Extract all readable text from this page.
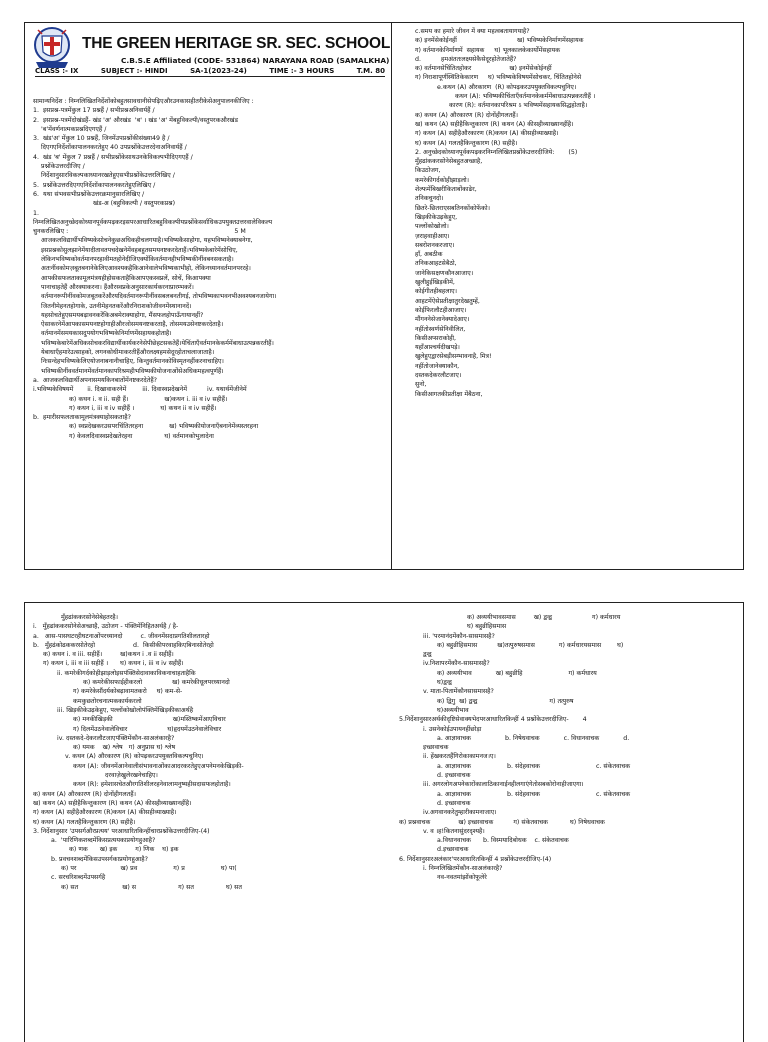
THE GREEN HERITAGE SR. SEC. SCHOOL
C.B.S.E Affiliated (CODE- 531864) NARAYANA ROAD (SAMALKHA)
CLASS :- IX	SUBJECT :- HINDI	SA-1(2023-24)	TIME :- 3 HOURS	T.M. 80
सामान्यनिर्देश : निम्नलिखितनिर्देशोंकोबहुतसावधानीसेपढ़िएऔरउनकासहीतरीकेसेअनुपालनकीजिए :
1.  इसप्रश्न-पत्रमेंकुल 17 प्रश्नहैं / सभीप्रश्नअनिवार्यहैं /
2.  इसप्रश्न-पत्रमेंदोखंडहैं- खंड 'अ' औरखंड  'ब' । खंड 'अ' मेंबहुविकल्पी/वस्तुपरकऔरखंड
'ब'मेंवर्णनात्मकप्रश्नदिएगएहैं /
3.  खंड'अ' मेंकुल 10 प्रश्नहैं, जिनमेंउपप्रश्नोंकीसंख्या49 है /
दिएगएनिर्देशोंकापालनकरतेहुए 40 उपप्रश्नोंकेउत्तरदेनाअनिवार्यहैं /
4.  खंड 'ब' मेंकुल 7 प्रश्नहैं / सभीप्रश्नोंकेसाथउनकेविकल्पभीदिएगएहैं /
प्रश्नोंकेउत्तरदीजिए /
निर्देशानुसारविकल्पकाध्यानरखतेहुएसभीप्रश्नोंकेउत्तरलिखिए /
5.  प्रश्नोंकेउत्तरदिएगएनिर्देशोंकापालनकरतेहुएलिखिए /
6.  यथा संभवसभीप्रश्नोंकेउत्तरक्रमानुसारलिखिए /
खंड-अ (बहुविकल्पी / वस्तुपरकप्रश्न)
1.
निम्नलिखितअनुच्छेदकोध्यानपूर्वकपढ़करइसपरआधारितबहुविकल्पीयप्रश्नोंकेसर्वाधिकउपयुक्तउत्तरवालेविकल्प
चुनकरलिखिए :                                                                                   5 M
आजकलविद्यार्थीभविष्यकेसोचनेकुछअधिकहीचलगयाहै।भविष्यकैसाहोगा, यहभविष्यनेक्याबनेगा,
इसप्रश्नकोसुलझानेमेंयादीतावतपचदेखनेमेंवहबहुतसमयनष्टकरदेताहैं।भविष्यकेबारेमेंसोचिए,
लेकिनभविष्यकोवर्तमानपरहावीमतहोनेदीजिएक्योंकिवर्तमानहीभविष्यकीनींवबनसकताहै।
अतःनींवकोमज़बूतबनानेकेलिएआवश्यकहैकिआनेवालेभविष्यकाभीहो, लेकिनध्यानवर्तमानपररहे।
आपकीसफलताकामूलमंत्रयहीहोसकताहैकिआपएकस्वप्नलें, सोचें, किआपक्या
पानाचाहतेहैं औरक्याकरना। हैंऔरस्वप्नकेअनुसारकार्यकरनाप्रारम्भकरें।
वर्तमानरूपीनींवकोमजबूतकरेंऔरयदिवर्तमानरूपीनींवसबलबनतीगई, तोभविष्यकाभवनभीअवश्यबनजायेगा।
जितनीमेहनतहोगाके, उतनीमेहनतकरेंऔरनिराशकोजीवनमेंस्थानानदें।
यहसोचतेहुएसमयबढ़ावनकरेंकिअबमेराक्याहोगा, मैंसफलहोपाऊँगायानहीं?
ऐसाकरनेमेंआपकासमयनष्टहोगाहीऔरजोसमयनष्टकरताहै, तोसमयउसेनष्टकरदेताहै।
वर्तमानमेंसमयकासदुपयोगभविष्यकेनिर्माणमेंसहायकहोताहै।
भविष्यकेबारेमेंअधिकसोचकरविद्यार्थीकार्यकरनेसेपीछेहटसकतेहैं।येचिंताएँवर्तमानकेकर्ममेंबाधाउत्पन्नकरतीहैं।
येबाधाएँहमारेउत्साहको, लगनकोधीमाकरतीहैंऔरलक्ष्यहमसेदूरहोताचलाजाताहै।
निःसन्देहभविष्यकेलिएयोजनाबनानीचाहिए, किन्तुवर्तमानकोविस्मृतनहींकरनाचाहिए।
भविष्यकीनींववर्तमानमेंवर्तमानकापरिश्रमहीभविष्यकीयोजनाओंसेअधिकमहत्वपूर्णहैं।
a.  आजकलविद्यार्थीअपनासमयकिनबातोंमेंनष्टकरदेतेहैं?
i.भविष्यकेविषयमें       ii. दिखावाकरनेमें        iii. दिवास्वप्नदेखनेमें          iv. यथार्थमेंजीनेमें
क) कथन i. व ii. सही हैं।                  ख)कथन i. iii व iv सहीहैं।
ग) कथन i, iii व iv सहीहैं ।             घ) कथन ii व iv सहीहैं।
b.  हमारीसफलताकामूलमंत्रक्याहोसकताहै?
क) स्वप्नदेखकरउसपरचिंतितरहना             ख) भविष्यकीयोजनाएँबनानेमेंव्यस्तरहना
ग) केवलदिवास्वप्नदेखतेरहना                घ) वर्तमानकोभुलादेना
c.समय का हमारे जीवन में क्या महत्वबतायागयाहै?
क) इनमेंसेकोईनहीं                              ख) भविष्यकेनिर्माणमेंसहायक
ग) वर्तमानकेनिर्माणमें  सहायक     घ) भूलकालकेकार्योंमेंसहायक
d.          हमअंततःलक्ष्यसेकैसेदूरहोतेजातेहैं?
क) वर्तमानसेचिंतितहोकर                   ख) इनमेंसेकोईनहीं
ग) निराशापूर्णस्थितिकेकारण     घ) भविष्यकेविषयमेंसोचकर, चिंतितहोनेसे
e.कथन (A) औरकारण  (R) कोपढ़करउपयुक्तविकल्पचुनिए।
कथन (A): भविष्यकीचिंताएँवर्तमानकेकर्ममेंबाधाउत्पन्नकरतीहैं ।
कारण (R): वर्तमानकापरिश्रम ऽ भविष्यमेंसहायकसिद्धहोताहै।
क) कथन (A) औरकारण (R) दोनोंहीगलतहैं।
ख) कथन (A) सहीहैकिन्तुकारण (R) कथन (A) कीसहीव्याख्यानहींहै।
ग) कथन (A) सहीहैऔरकारण (R)कथन (A) कीसहीव्याख्याहै।
घ) कथन (A) गलतहैकिन्तुकारण (R) सहीहै।
2. अनुच्छेदकोध्यानपूर्वकपढ़करनिम्नलिखितप्रश्नोंकेउत्तरदीजिये:       (5)
मुँहढांककरसोनेसेबहुतअच्छाहै,
किउठोजग,
कमरेकीगर्दकोहीझाड़लो।
शेल्फमेंबिखरीकिताबोंकाढेर,
तनिकचुनदो।
छितरे-छितराएसबतिनकोंकोफेंको।
खिड़कीकेउढ़केहुए,
पल्लोंकोखोलो।
ज़राहवाहीआए।
सबरोशनकरजाए।
हाँ, अबठीक
तनिकआहटसेबैठो,
जानेकिसक्षणकौनआजाए।
खुलीहुईखिड़कीमें,
कोईगीतहीबहलाए।
आहटमेंऐसेप्रतीक्षातुरदेखतुम्हें,
कोईफिरलौटहीआजाए।
मौंगननेसेजानेक्यादेआए।
नहींतोस्वर्णसेनिवीलित,
किसीअप्सराकोही,
यहाँआश्चर्यदीखपड़े।
खुलेहुएद्वारसेबड़ीसम्भावनाहै, मित्र!
नहींतोजानेक्याकौन,
दस्तकदेकरलौटजाए।
सुनो,
किसीआगतकीप्रतीक्षा मेंबैठना,
मुँहढांककरसोनेसेबेहतरहै।
i.   मुँहढांककरसोनेसेअच्छाहै, उठोजग - पंक्तिमेंनिहितअर्थहै / है-
a.   आस-पासघटरहीघटनाओंपरध्यानदो         c. जीवनमेंसदाप्रगतिशीलतारहो
b.   मुँहढंकोढककरसोतेरहो                   d.  किसीकीपरवाहकिएबिनासोतेरहो
क) कथन i. व iii. सहीहैं।         ख)कथन i .व ii सहीहैं।
ग) कथन i, iii व iii सहीहैं ।      घ) कथन i, iii व iv सहीहैं।
ii. कमरेकीगर्दकोहीझाड़लोइसपंक्तिसेदावाकाविकनाचाहताहैकि
क) कमरेकीसफाईहीकरलो               ख) कमरेकीधूलपरध्यानदो
ग) कमरेकेसौंदर्यकोबढ़ावामतकरो     घ) कम-से-
कमकुछतोरचनात्मककार्यकरलो
iii. खिड़कीकेउढ़केहुए, पल्लोंकोखोलोपंक्तिमेंखिड़कीकाअर्थहै
क) मनकीखिड़की                              ख)मस्तिष्कमेंआएविचार
ग) दिलमेंउठनेवालेविचार                    घ)हृदयमेंउठनेवालेविचार
iv. दस्तकदे-देकरलौटजाएपंक्तिमेंकौन-साअलंकारहै?
क) यमक    ख) श्लेष   ग) अनुप्रास घ) श्लेष
v. कथन (A) औरकारण (R) कोपढ़करउपयुक्तविकल्पचुनिए।
कथन (A): जीवनमेंआनेवालीसंभावनाओंकाआदरकरतेहुएअपनेमनकेखिड़की-
दरवाज़ेखुलेरखनेचाहिए।
कथन (R): हमेशासचेतऔरगतिशीलरहनेवालामनुष्यहीसदासफलहोताहै।
क) कथन (A) औरकारण (R) दोनोंहीगलतहैं।
ख) कथन (A) सहीहैकिन्तुकारण (R) कथन (A) कीसहीव्याख्यानहींहै।
ग) कथन (A) सहीहैऔरकारण (R)कथन (A) कीसहीव्याख्याहै।
घ) कथन (A) गलतहैकिन्तुकारण (R) सहीहै।
3. निर्देशानुसार 'उपसर्गऔरप्रत्यय' परआधारितकिन्हींचारप्रश्नोंकेउत्तरदीजिए-(4)
a.  'पारिणिकशब्दमेंकिसप्रत्ययकाप्रयोगहुआहै?
क) णक      ख) इक         ग) णिक    घ) इक
b. प्रवचनशब्दमेंकिसउपसर्गकाप्रयोगहुआहै?
क) पर                      ख) प्रव                  ग) प्र                  घ) पा(
c. सरचरिशब्दमेंउपसर्गहै
क) सत                      ख) स                     ग) सत                घ) सत
क) अव्ययीभावसमास         ख) द्वन्द्व                    ग) कर्मधारय
घ) बहुव्रीहिसमास
iii. 'परमानंदमेंकौन-सासमासहै?
क) बहुव्रीहिसमास          ख)तत्पुरुषसमास            ग) कर्मधारयसमास        घ)
द्वन्द्व
iv.निशापरमेंकौन-सासमासहै?
क) अव्ययीभाव            ख) बहुव्रीहि                       ग) कर्मधारय
घ)द्वन्द्व
v. माता-पितामेंकौनसासमासहै?
क) द्विगु  ख) द्वन्द्व                                    ग) तत्पुरुष
घ)अव्ययीभाव
5.निर्देशानुसारअर्थकीदृष्टिसेवाक्यभेदपरआधारितकिन्हीं 4 प्रश्नोंकेउत्तरदीजिए-       4
i. उसनेकोईउपायनहींछोड़ा
a. आज्ञावाचक                 b. निषेधवाचक            c. विधानवाचक            d.
इच्छावाचक
ii. हेंखकरतहैंगिरोकाकामनज।ए।
a. आज्ञावाचक                  b. संदेहवाचक                            c. संकेतवाचक
d. इच्छावाचक
iii. अगरलोगअपनेकारोंकालाठिकानाईनहीलगाएंगेतोसबकोरोनाहीजाएगा।
a. आज्ञावाचक                  b. संदेहवाचक                            c. संकेतवाचक
d. इच्छावाचक
iv.अगवानकरेतुम्हारीकामनाजाए।
क) प्रश्नवाचक              ख) इच्छावाचक          ग) संकेतवाचक           घ) निषेधवाचक
v. व ।ह!कितनासुंदरदृश्यहै।
a.विधानवाचक      b. विस्मयादिबोधक    c. संकेतवाचक
d.इच्छावाचक
6. निर्देशानुसारअलंकार'परआधारितकिन्हीं 4 प्रश्नोंकेउत्तरदीजिए-(4)
i. निम्नलिखितमेंकौन-साअलंकारहै?
नव-नवतमांझोंकोफूलेरे
